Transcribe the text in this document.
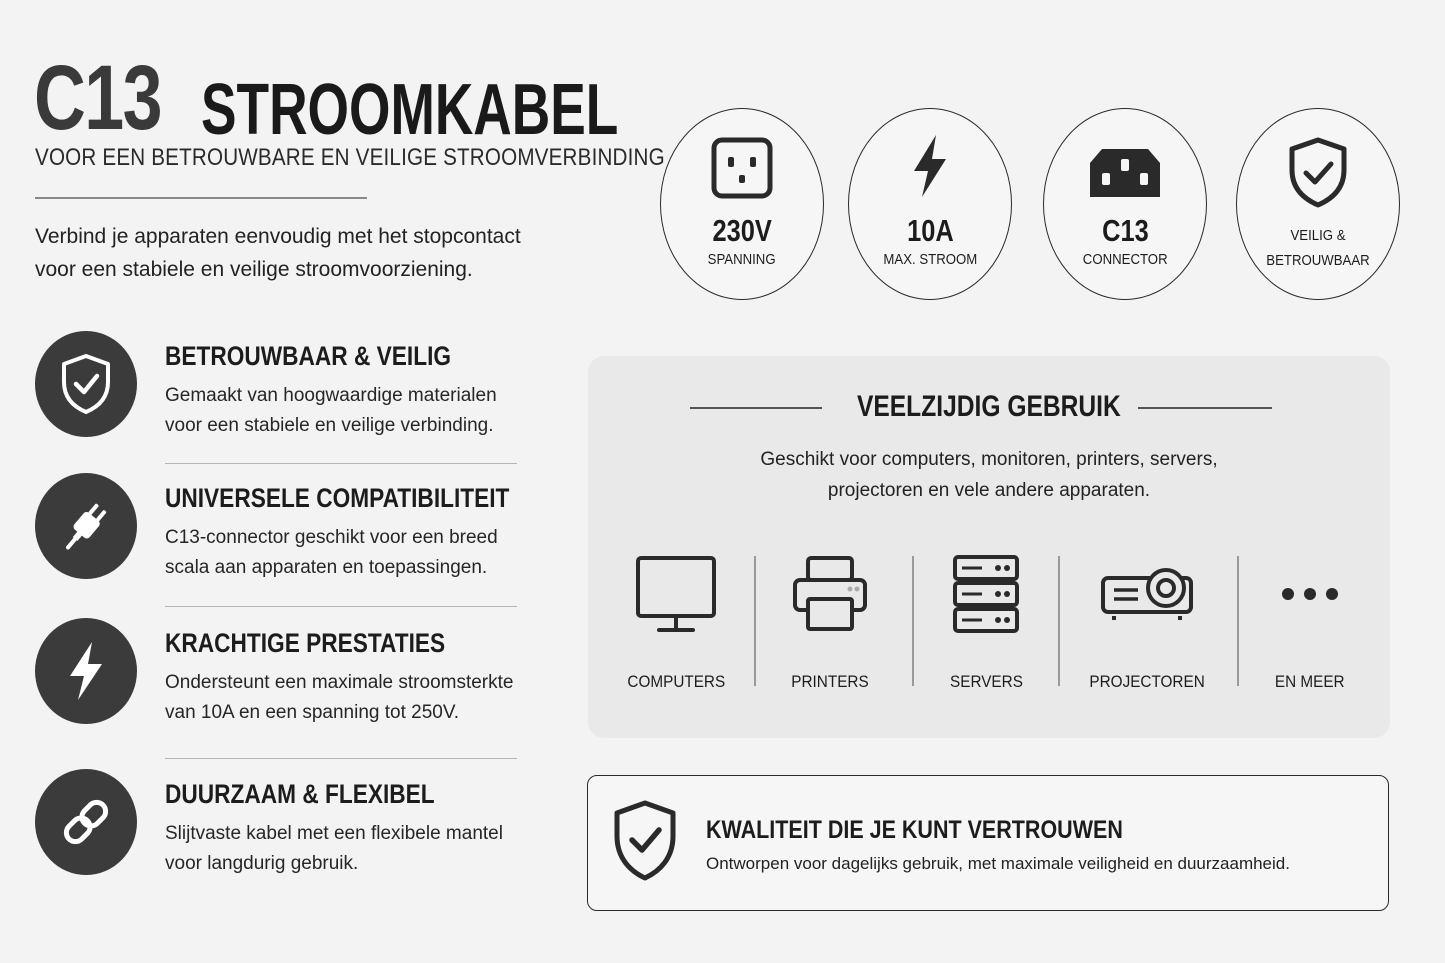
C13 STROOMKABEL
VOOR EEN BETROUWBARE EN VEILIGE STROOMVERBINDING
Verbind je apparaten eenvoudig met het stopcontact
voor een stabiele en veilige stroomvoorziening.
BETROUWBAAR & VEILIG
Gemaakt van hoogwaardige materialen
voor een stabiele en veilige verbinding.
UNIVERSELE COMPATIBILITEIT
C13-connector geschikt voor een breed
scala aan apparaten en toepassingen.
KRACHTIGE PRESTATIES
Ondersteunt een maximale stroomsterkte
van 10A en een spanning tot 250V.
DUURZAAM & FLEXIBEL
Slijtvaste kabel met een flexibele mantel
voor langdurig gebruik.
230V
SPANNING
10A
MAX. STROOM
C13
CONNECTOR
VEILIG &
BETROUWBAAR
VEELZIJDIG GEBRUIK
Geschikt voor computers, monitoren, printers, servers,
projectoren en vele andere apparaten.
COMPUTERS	PRINTERS	SERVERS	PROJECTOREN	EN MEER
KWALITEIT DIE JE KUNT VERTROUWEN
Ontworpen voor dagelijks gebruik, met maximale veiligheid en duurzaamheid.
